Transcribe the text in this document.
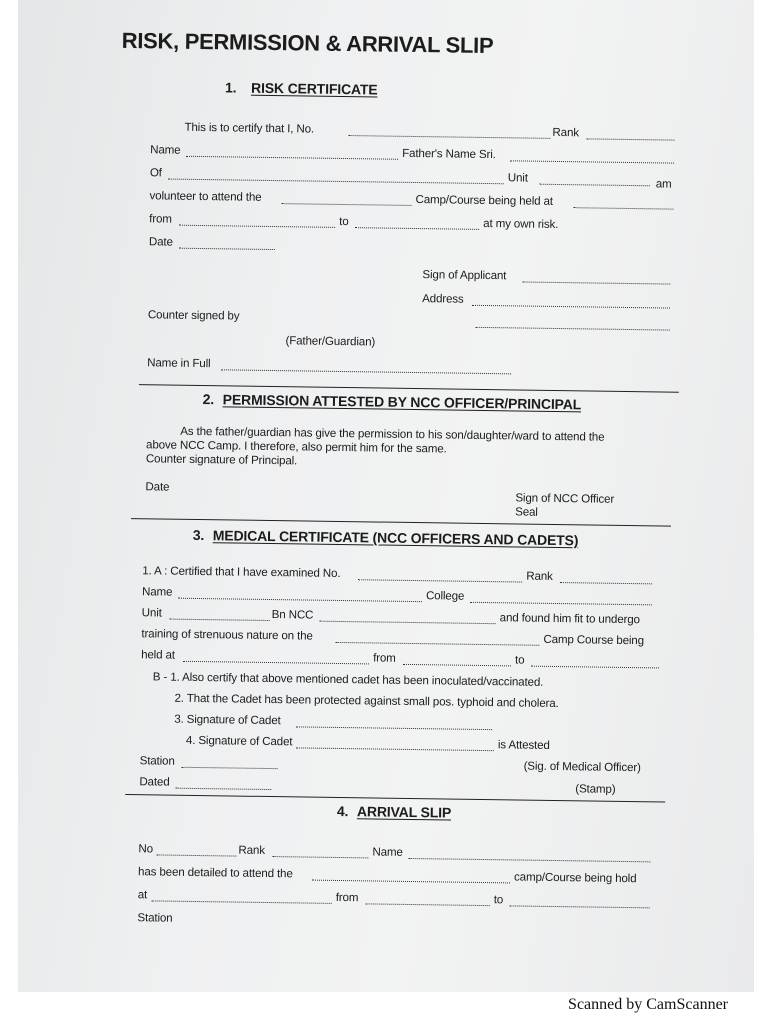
RISK, PERMISSION & ARRIVAL SLIP
1. RISK CERTIFICATE
This is to certify that I, No.	Rank
Name	Father's Name Sri.
Of	Unit	am
volunteer to attend the	Camp/Course being held at
from	to	at my own risk.
Date
Sign of Applicant
Address
Counter signed by
(Father/Guardian)
Name in Full
2. PERMISSION ATTESTED BY NCC OFFICER/PRINCIPAL
As the father/guardian has give the permission to his son/daughter/ward to attend the
above NCC Camp. I therefore, also permit him for the same.
Counter signature of Principal.
Date
Sign of NCC Officer
Seal
3. MEDICAL CERTIFICATE (NCC OFFICERS AND CADETS)
1. A : Certified that I have examined No.	Rank
Name	College
Unit	Bn NCC	and found him fit to undergo
training of strenuous nature on the	Camp Course being
held at	from	to
B - 1. Also certify that above mentioned cadet has been inoculated/vaccinated.
2. That the Cadet has been protected against small pos. typhoid and cholera.
3. Signature of Cadet
4. Signature of Cadet	is Attested
Station	(Sig. of Medical Officer)
Dated
(Stamp)
4. ARRIVAL SLIP
No	Rank	Name
has been detailed to attend the	camp/Course being hold
at	from	to
Station
Scanned by CamScanner
